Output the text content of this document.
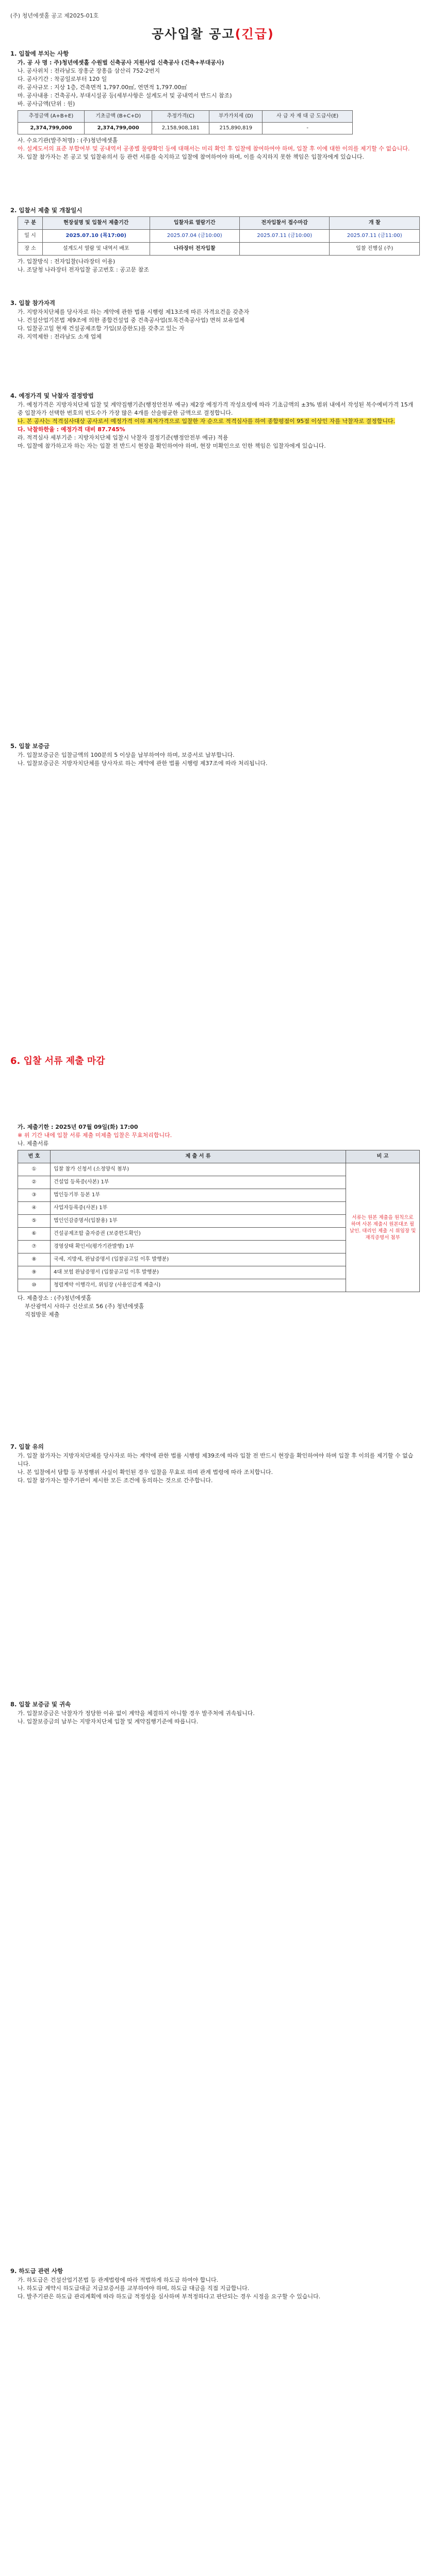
(주) 청년에셋홀 공고 제2025-01호
공사입찰 공고(긴급)
1. 입찰에 부치는 사항
가. 공 사 명 : 주)청년에셋홀 수원벌 신축공사 지원사업 신축공사 (건축+부대공사)
나. 공사위치 : 전라남도 장흥군 장흥읍 삼산리 752-2번지
다. 공사기간 : 착공일로부터 120 일
라. 공사규모 : 지상 1층, 건축면적 1,797.00㎡, 연면적 1,797.00㎡
마. 공사내용 : 건축공사, 부대시설공 등(세부사항은 설계도서 및 공내역서 반드시 참조)
바. 공사금액(단위 : 원)
추정금액 (A+B+E)	기초금액 (B+C+D)	추정가격(C)	부가가치세 (D)	사 급 자 재 대 금 도급사(E)
2,374,799,000	2,374,799,000	2,158,908,181	215,890,819	-
사. 수요기관(발주처명) : (주)청년에셋홀
아. 설계도서의 표준 부합여부 및 공내역서 공종별 물량확인 등에 대해서는 미리 확인 후 입찰에 참여하여야 하며, 입찰 후 이에 대한 이의를 제기할 수 없습니다.
자. 입찰 참가자는 본 공고 및 입찰유의서 등 관련 서류를 숙지하고 입찰에 참여하여야 하며, 이를 숙지하지 못한 책임은 입찰자에게 있습니다.
2. 입찰서 제출 및 개찰일시
구 분	현장설명 및 입찰서 제출기간	입찰자료 열람기간	전자입찰서 접수마감	개 찰
일 시	2025.07.10 (목17:00)	2025.07.04 (금10:00)	2025.07.11 (금10:00)	2025.07.11 (금11:00)
장 소	설계도서 열람 및 내역서 배포	나라장터 전자입찰		입찰 진행실 (주)
가. 입찰방식 : 전자입찰(나라장터 이용)
나. 조달청 나라장터 전자입찰 공고번호 : 공고문 참조
3. 입찰 참가자격
가. 지방자치단체를 당사자로 하는 계약에 관한 법률 시행령 제13조에 따른 자격요건을 갖춘자
나. 건설산업기본법 제9조에 의한 종합건설업 중 건축공사업(토목건축공사업) 면허 보유업체
다. 입찰공고일 현재 건설공제조합 가입(보증한도)를 갖추고 있는 자
라. 지역제한 : 전라남도 소재 업체
4. 예정가격 및 낙찰자 결정방법
가. 예정가격은 지방자치단체 입찰 및 계약집행기준(행정안전부 예규) 제2장 예정가격 작성요령에 따라 기초금액의 ±3% 범위 내에서 작성된 복수예비가격 15개 중 입찰자가 선택한 번호의 빈도수가 가장 많은 4개를 산술평균한 금액으로 결정합니다.
나. 본 공사는 적격심사대상 공사로서 예정가격 이하 최저가격으로 입찰한 자 순으로 적격심사를 하여 종합평점이 95점 이상인 자를 낙찰자로 결정합니다.
다. 낙찰하한율 : 예정가격 대비 87.745%
라. 적격심사 세부기준 : 지방자치단체 입찰시 낙찰자 결정기준(행정안전부 예규) 적용
마. 입찰에 참가하고자 하는 자는 입찰 전 반드시 현장을 확인하여야 하며, 현장 미확인으로 인한 책임은 입찰자에게 있습니다.
5. 입찰 보증금
가. 입찰보증금은 입찰금액의 100분의 5 이상을 납부하여야 하며, 보증서로 납부합니다.
나. 입찰보증금은 지방자치단체를 당사자로 하는 계약에 관한 법률 시행령 제37조에 따라 처리됩니다.
6. 입찰 서류 제출 마감
가. 제출기한 : 2025년 07월 09일(화) 17:00
※ 위 기간 내에 입찰 서류 제출 미제출 입찰은 무효처리합니다.
나. 제출서류
번 호	제 출 서 류	비 고
①	입찰 참가 신청서 (소정양식 첨부)	서류는 원본 제출을 원칙으로 하며 사본 제출시 원본대조 필 날인. 대리인 제출 시 위임장 및 재직증명서 첨부
②	건설업 등록증(사본) 1부	
③	법인등기부 등본 1부	
④	사업자등록증(사본) 1부	
⑤	법인인감증명서(입찰용) 1부	
⑥	건설공제조합 출자증권 (보증한도확인)	
⑦	경영상태 확인서(평가기관발행) 1부	
⑧	국세, 지방세, 완납증명서 (입찰공고일 이후 발행분)	
⑨	4대 보험 완납증명서 (입찰공고일 이후 발행분)	
⑩	청렴계약 이행각서, 위임장 (사용인감계 제출시)	
다. 제출장소 : (주)청년에셋홀
부산광역시 사하구 신산로로 56 (주) 청년에셋홀
직접방문 제출
7. 입찰 유의
가. 입찰 참가자는 지방자치단체를 당사자로 하는 계약에 관한 법률 시행령 제39조에 따라 입찰 전 반드시 현장을 확인하여야 하며 입찰 후 이의를 제기할 수 없습니다.
나. 본 입찰에서 담합 등 부정행위 사실이 확인된 경우 입찰을 무효로 하며 관계 법령에 따라 조치합니다.
다. 입찰 참가자는 발주기관이 제시한 모든 조건에 동의하는 것으로 간주합니다.
8. 입찰 보증금 및 귀속
가. 입찰보증금은 낙찰자가 정당한 이유 없이 계약을 체결하지 아니할 경우 발주처에 귀속됩니다.
나. 입찰보증금의 납부는 지방자치단체 입찰 및 계약집행기준에 따릅니다.
9. 하도급 관련 사항
가. 하도급은 건설산업기본법 등 관계법령에 따라 적법하게 하도급 하여야 합니다.
나. 하도급 계약시 하도급대금 지급보증서를 교부하여야 하며, 하도급 대금을 직접 지급합니다.
다. 발주기관은 하도급 관리계획에 따라 하도급 적정성을 심사하며 부적정하다고 판단되는 경우 시정을 요구할 수 있습니다.
